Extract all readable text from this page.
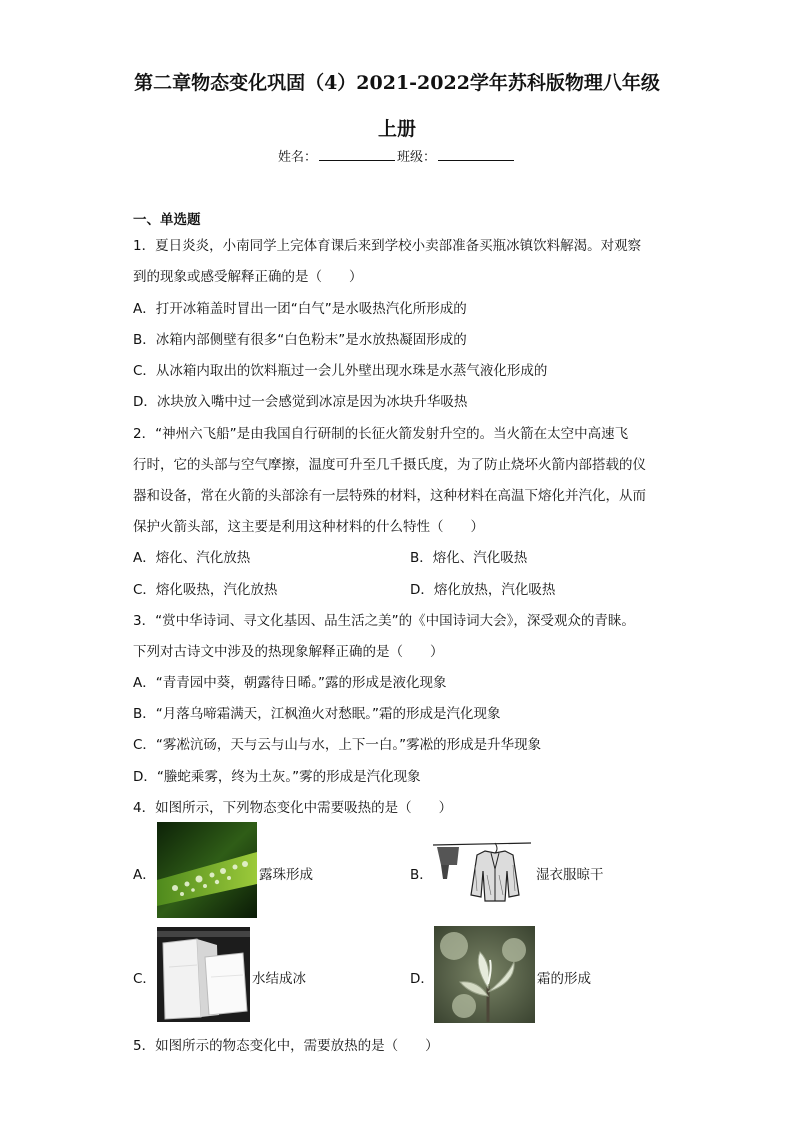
第二章物态变化巩固（4）2021-2022学年苏科版物理八年级
上册
姓名：	班级：
一、单选题
1．夏日炎炎，小南同学上完体育课后来到学校小卖部准备买瓶冰镇饮料解渴。对观察
到的现象或感受解释正确的是（　　）
A．打开冰箱盖时冒出一团“白气”是水吸热汽化所形成的
B．冰箱内部侧壁有很多“白色粉末”是水放热凝固形成的
C．从冰箱内取出的饮料瓶过一会儿外壁出现水珠是水蒸气液化形成的
D．冰块放入嘴中过一会感觉到冰凉是因为冰块升华吸热
2．“神州六飞船”是由我国自行研制的长征火箭发射升空的。当火箭在太空中高速飞
行时，它的头部与空气摩擦，温度可升至几千摄氏度，为了防止烧坏火箭内部搭载的仪
器和设备，常在火箭的头部涂有一层特殊的材料，这种材料在高温下熔化并汽化，从而
保护火箭头部，这主要是利用这种材料的什么特性（　　）
A．熔化、汽化放热	B．熔化、汽化吸热
C．熔化吸热，汽化放热	D．熔化放热，汽化吸热
3．“赏中华诗词、寻文化基因、品生活之美”的《中国诗词大会》，深受观众的青睐。
下列对古诗文中涉及的热现象解释正确的是（　　）
A．“青青园中葵，朝露待日晞。”露的形成是液化现象
B．“月落乌啼霜满天，江枫渔火对愁眠。”霜的形成是汽化现象
C．“雾凇沆砀，天与云与山与水，上下一白。”雾凇的形成是升华现象
D．“螣蛇乘雾，终为土灰。”雾的形成是汽化现象
4．如图所示，下列物态变化中需要吸热的是（　　）
A．	露珠形成	B．	湿衣服晾干
C．	水结成冰	D．	霜的形成
5．如图所示的物态变化中，需要放热的是（　　）
